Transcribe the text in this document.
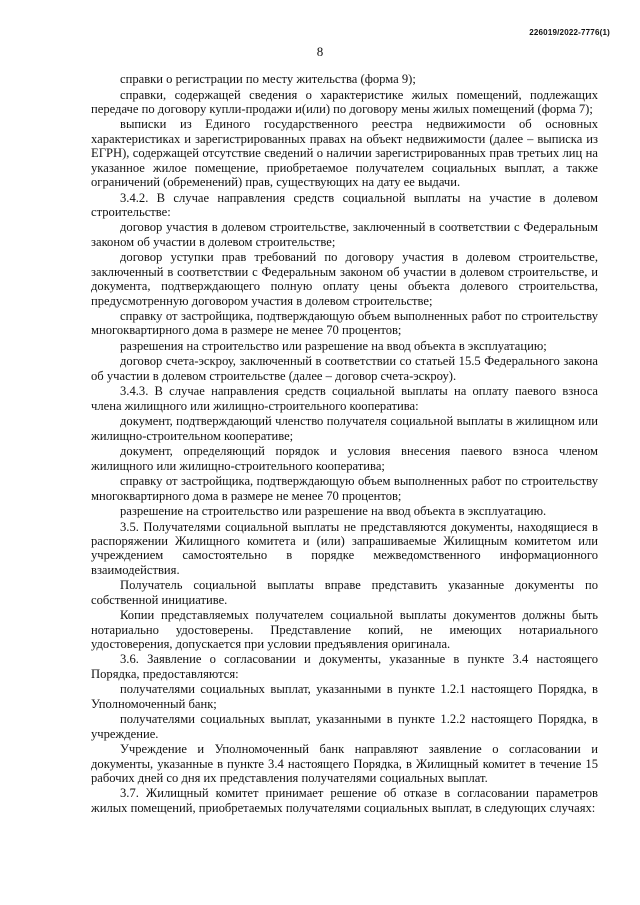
226019/2022-7776(1)
8

справки о регистрации по месту жительства (форма 9);

справки, содержащей сведения о характеристике жилых помещений, подлежащих передаче по договору купли-продажи и(или) по договору мены жилых помещений (форма 7);

выписки из Единого государственного реестра недвижимости об основных характеристиках и зарегистрированных правах на объект недвижимости (далее – выписка из ЕГРН), содержащей отсутствие сведений о наличии зарегистрированных прав третьих лиц на указанное жилое помещение, приобретаемое получателем социальных выплат, а также ограничений (обременений) прав, существующих на дату ее выдачи.

3.4.2. В случае направления средств социальной выплаты на участие в долевом строительстве:

договор участия в долевом строительстве, заключенный в соответствии с Федеральным законом об участии в долевом строительстве;

договор уступки прав требований по договору участия в долевом строительстве, заключенный в соответствии с Федеральным законом об участии в долевом строительстве, и документа, подтверждающего полную оплату цены объекта долевого строительства, предусмотренную договором участия в долевом строительстве;

справку от застройщика, подтверждающую объем выполненных работ по строительству многоквартирного дома в размере не менее 70 процентов;

разрешения на строительство или разрешение на ввод объекта в эксплуатацию;

договор счета-эскроу, заключенный в соответствии со статьей 15.5 Федерального закона об участии в долевом строительстве (далее – договор счета-эскроу).

3.4.3. В случае направления средств социальной выплаты на оплату паевого взноса члена жилищного или жилищно-строительного кооператива:

документ, подтверждающий членство получателя социальной выплаты в жилищном или жилищно-строительном кооперативе;

документ, определяющий порядок и условия внесения паевого взноса членом жилищного или жилищно-строительного кооператива;

справку от застройщика, подтверждающую объем выполненных работ по строительству многоквартирного дома в размере не менее 70 процентов;

разрешение на строительство или разрешение на ввод объекта в эксплуатацию.

3.5. Получателями социальной выплаты не представляются документы, находящиеся в распоряжении Жилищного комитета и (или) запрашиваемые Жилищным комитетом или учреждением самостоятельно в порядке межведомственного информационного взаимодействия.

Получатель социальной выплаты вправе представить указанные документы по собственной инициативе.

Копии представляемых получателем социальной выплаты документов должны быть нотариально удостоверены. Представление копий, не имеющих нотариального удостоверения, допускается при условии предъявления оригинала.

3.6. Заявление о согласовании и документы, указанные в пункте 3.4 настоящего Порядка, предоставляются:

получателями социальных выплат, указанными в пункте 1.2.1 настоящего Порядка, в Уполномоченный банк;

получателями социальных выплат, указанными в пункте 1.2.2 настоящего Порядка, в учреждение.

Учреждение и Уполномоченный банк направляют заявление о согласовании и документы, указанные в пункте 3.4 настоящего Порядка, в Жилищный комитет в течение 15 рабочих дней со дня их представления получателями социальных выплат.

3.7. Жилищный комитет принимает решение об отказе в согласовании параметров жилых помещений, приобретаемых получателями социальных выплат, в следующих случаях:
